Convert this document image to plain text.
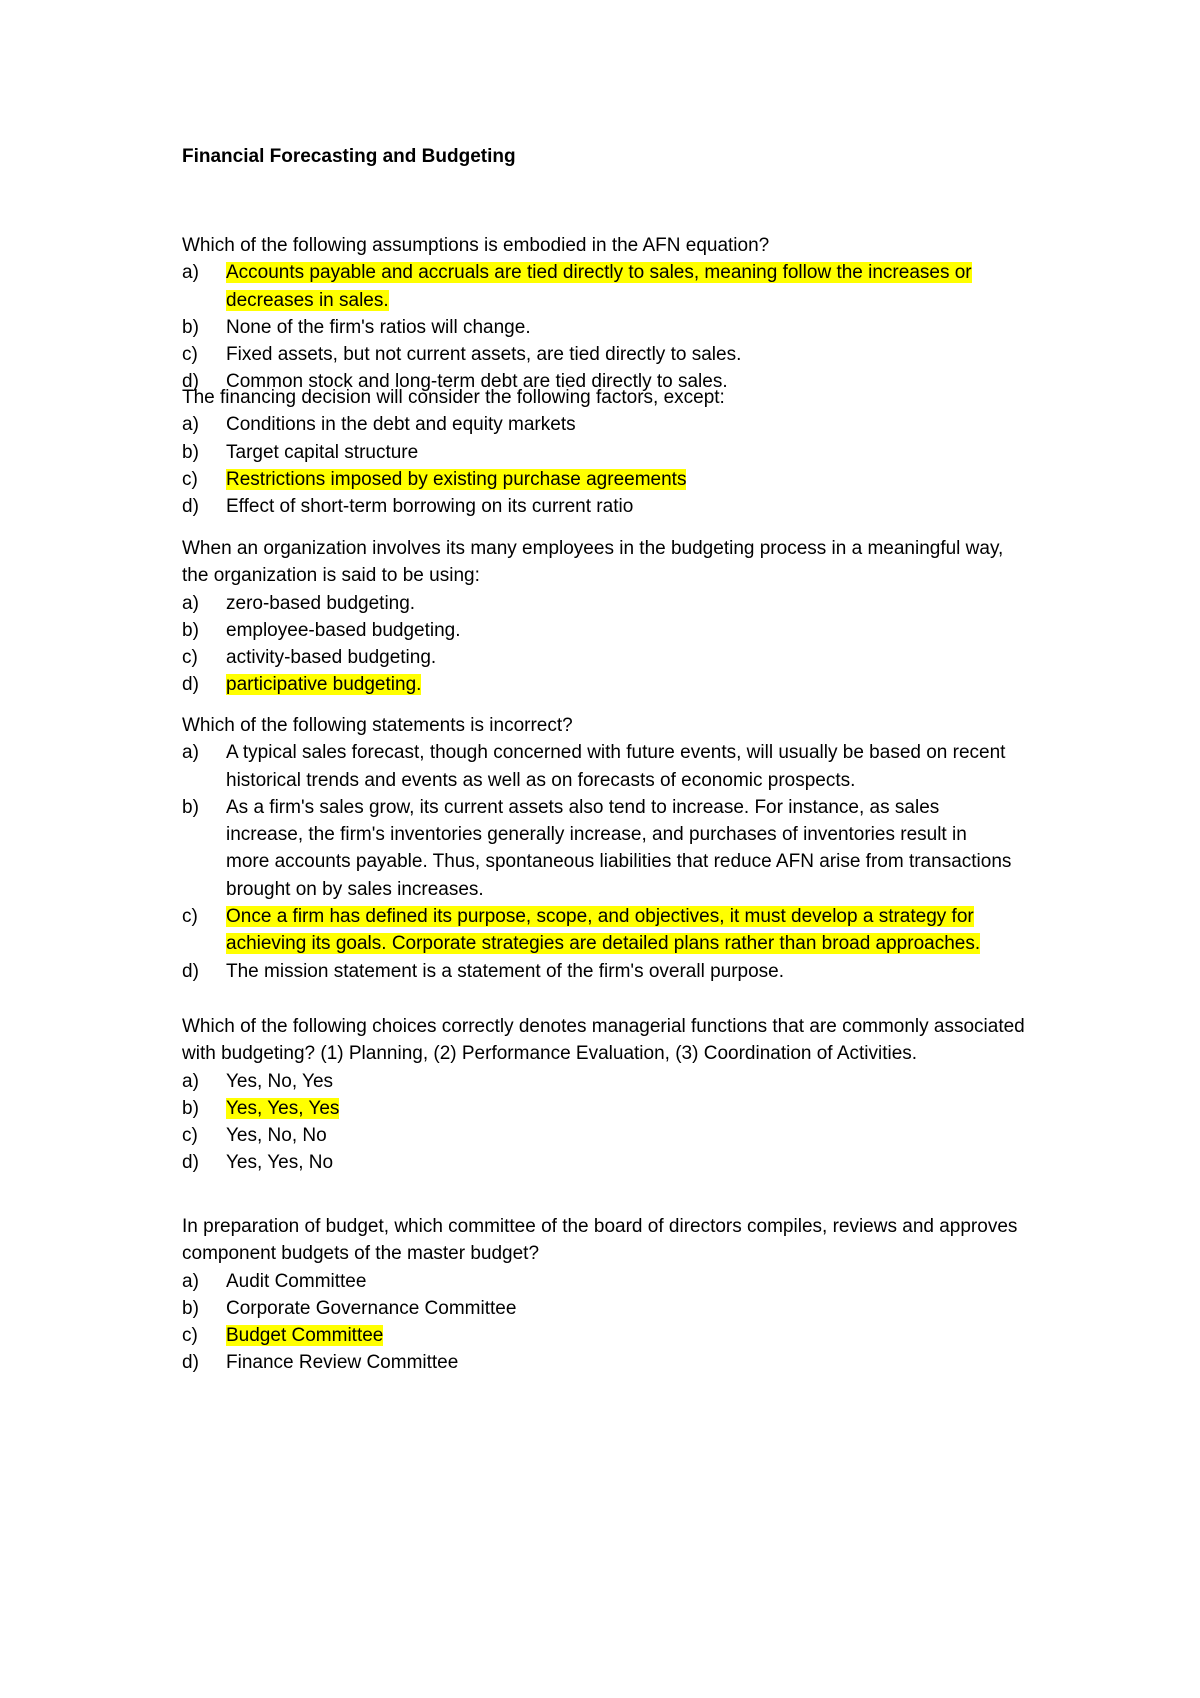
Financial Forecasting and Budgeting

Which of the following assumptions is embodied in the AFN equation?

a)	Accounts payable and accruals are tied directly to sales, meaning follow the increases or decreases in sales.
b)	None of the firm's ratios will change.
c)	Fixed assets, but not current assets, are tied directly to sales.
d)	Common stock and long-term debt are tied directly to sales.

The financing decision will consider the following factors, except:

a)	Conditions in the debt and equity markets
b)	Target capital structure
c)	Restrictions imposed by existing purchase agreements
d)	Effect of short-term borrowing on its current ratio

When an organization involves its many employees in the budgeting process in a meaningful way, the organization is said to be using:

a)	zero-based budgeting.
b)	employee-based budgeting.
c)	activity-based budgeting.
d)	participative budgeting.

Which of the following statements is incorrect?

a)	A typical sales forecast, though concerned with future events, will usually be based on recent historical trends and events as well as on forecasts of economic prospects.
b)	As a firm's sales grow, its current assets also tend to increase. For instance, as sales increase, the firm's inventories generally increase, and purchases of inventories result in more accounts payable. Thus, spontaneous liabilities that reduce AFN arise from transactions brought on by sales increases.
c)	Once a firm has defined its purpose, scope, and objectives, it must develop a strategy for achieving its goals. Corporate strategies are detailed plans rather than broad approaches.
d)	The mission statement is a statement of the firm's overall purpose.

Which of the following choices correctly denotes managerial functions that are commonly associated with budgeting? (1) Planning, (2) Performance Evaluation, (3) Coordination of Activities.

a)	Yes, No, Yes
b)	Yes, Yes, Yes
c)	Yes, No, No
d)	Yes, Yes, No

In preparation of budget, which committee of the board of directors compiles, reviews and approves component budgets of the master budget?

a)	Audit Committee
b)	Corporate Governance Committee
c)	Budget Committee
d)	Finance Review Committee
